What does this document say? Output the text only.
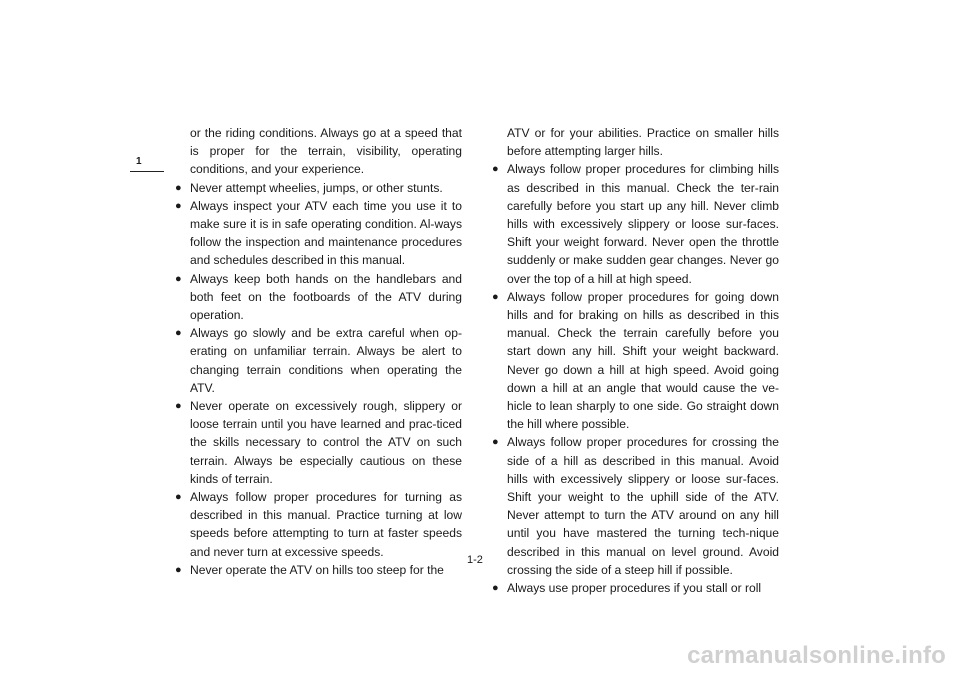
1

or the riding conditions. Always go at a speed that is proper for the terrain, visibility, operating conditions, and your experience.

● Never attempt wheelies, jumps, or other stunts.

● Always inspect your ATV each time you use it to make sure it is in safe operating condition. Al-ways follow the inspection and maintenance procedures and schedules described in this manual.

● Always keep both hands on the handlebars and both feet on the footboards of the ATV during operation.

● Always go slowly and be extra careful when op-erating on unfamiliar terrain. Always be alert to changing terrain conditions when operating the ATV.

● Never operate on excessively rough, slippery or loose terrain until you have learned and prac-ticed the skills necessary to control the ATV on such terrain. Always be especially cautious on these kinds of terrain.

● Always follow proper procedures for turning as described in this manual. Practice turning at low speeds before attempting to turn at faster speeds and never turn at excessive speeds.

● Never operate the ATV on hills too steep for the

ATV or for your abilities. Practice on smaller hills before attempting larger hills.

● Always follow proper procedures for climbing hills as described in this manual. Check the ter-rain carefully before you start up any hill. Never climb hills with excessively slippery or loose sur-faces. Shift your weight forward. Never open the throttle suddenly or make sudden gear changes. Never go over the top of a hill at high speed.

● Always follow proper procedures for going down hills and for braking on hills as described in this manual. Check the terrain carefully before you start down any hill. Shift your weight backward. Never go down a hill at high speed. Avoid going down a hill at an angle that would cause the ve-hicle to lean sharply to one side. Go straight down the hill where possible.

● Always follow proper procedures for crossing the side of a hill as described in this manual. Avoid hills with excessively slippery or loose sur-faces. Shift your weight to the uphill side of the ATV. Never attempt to turn the ATV around on any hill until you have mastered the turning tech-nique described in this manual on level ground. Avoid crossing the side of a steep hill if possible.

● Always use proper procedures if you stall or roll

1-2
carmanualsonline.info
